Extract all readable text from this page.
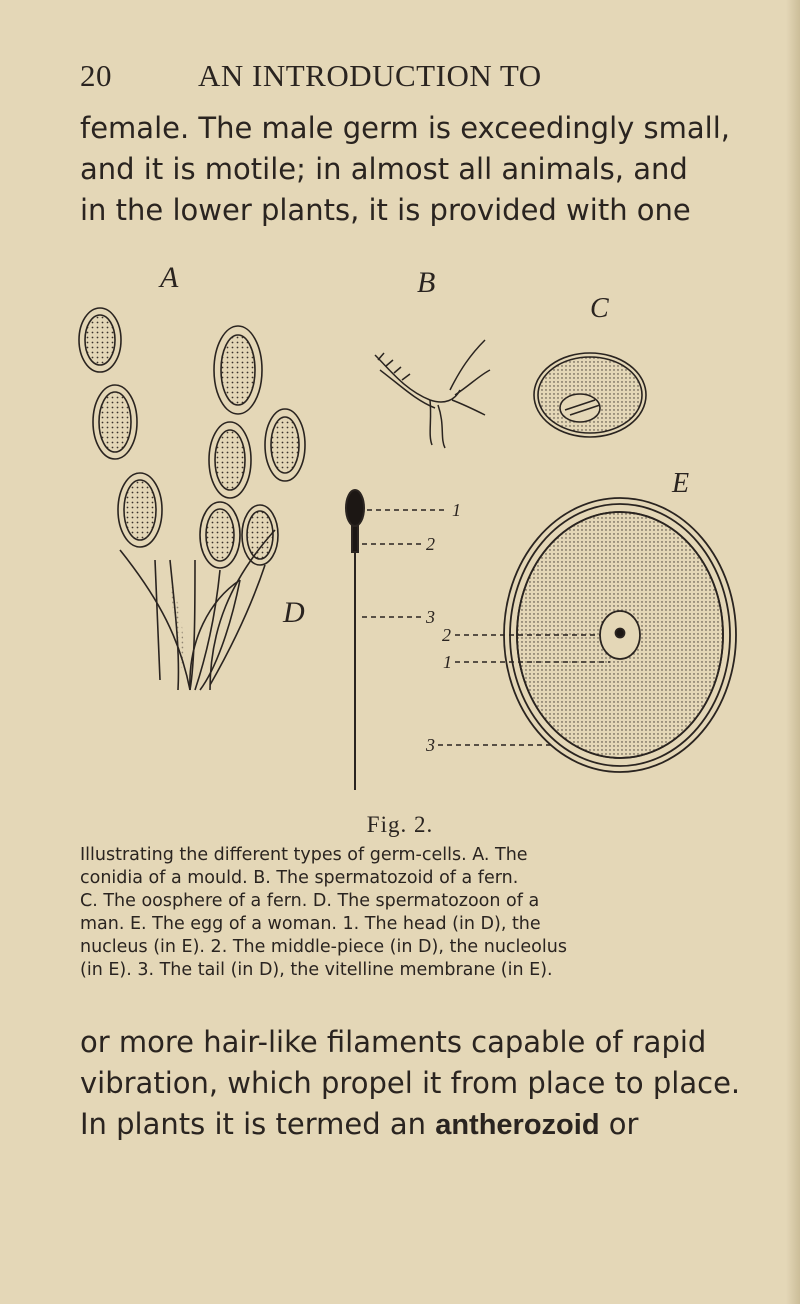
20	AN INTRODUCTION TO
female. The male germ is exceedingly small,
and it is motile; in almost all animals, and
in the lower plants, it is provided with one
A	B
C
D
E
1
2
3
2
1
3
Fig. 2.
Illustrating the different types of germ-cells. A. The
conidia of a mould. B. The spermatozoid of a fern.
C. The oosphere of a fern. D. The spermatozoon of a
man. E. The egg of a woman. 1. The head (in D), the
nucleus (in E). 2. The middle-piece (in D), the nucleolus
(in E). 3. The tail (in D), the vitelline membrane (in E).
or more hair-like filaments capable of rapid
vibration, which propel it from place to place.
In plants it is termed an antherozoid or
